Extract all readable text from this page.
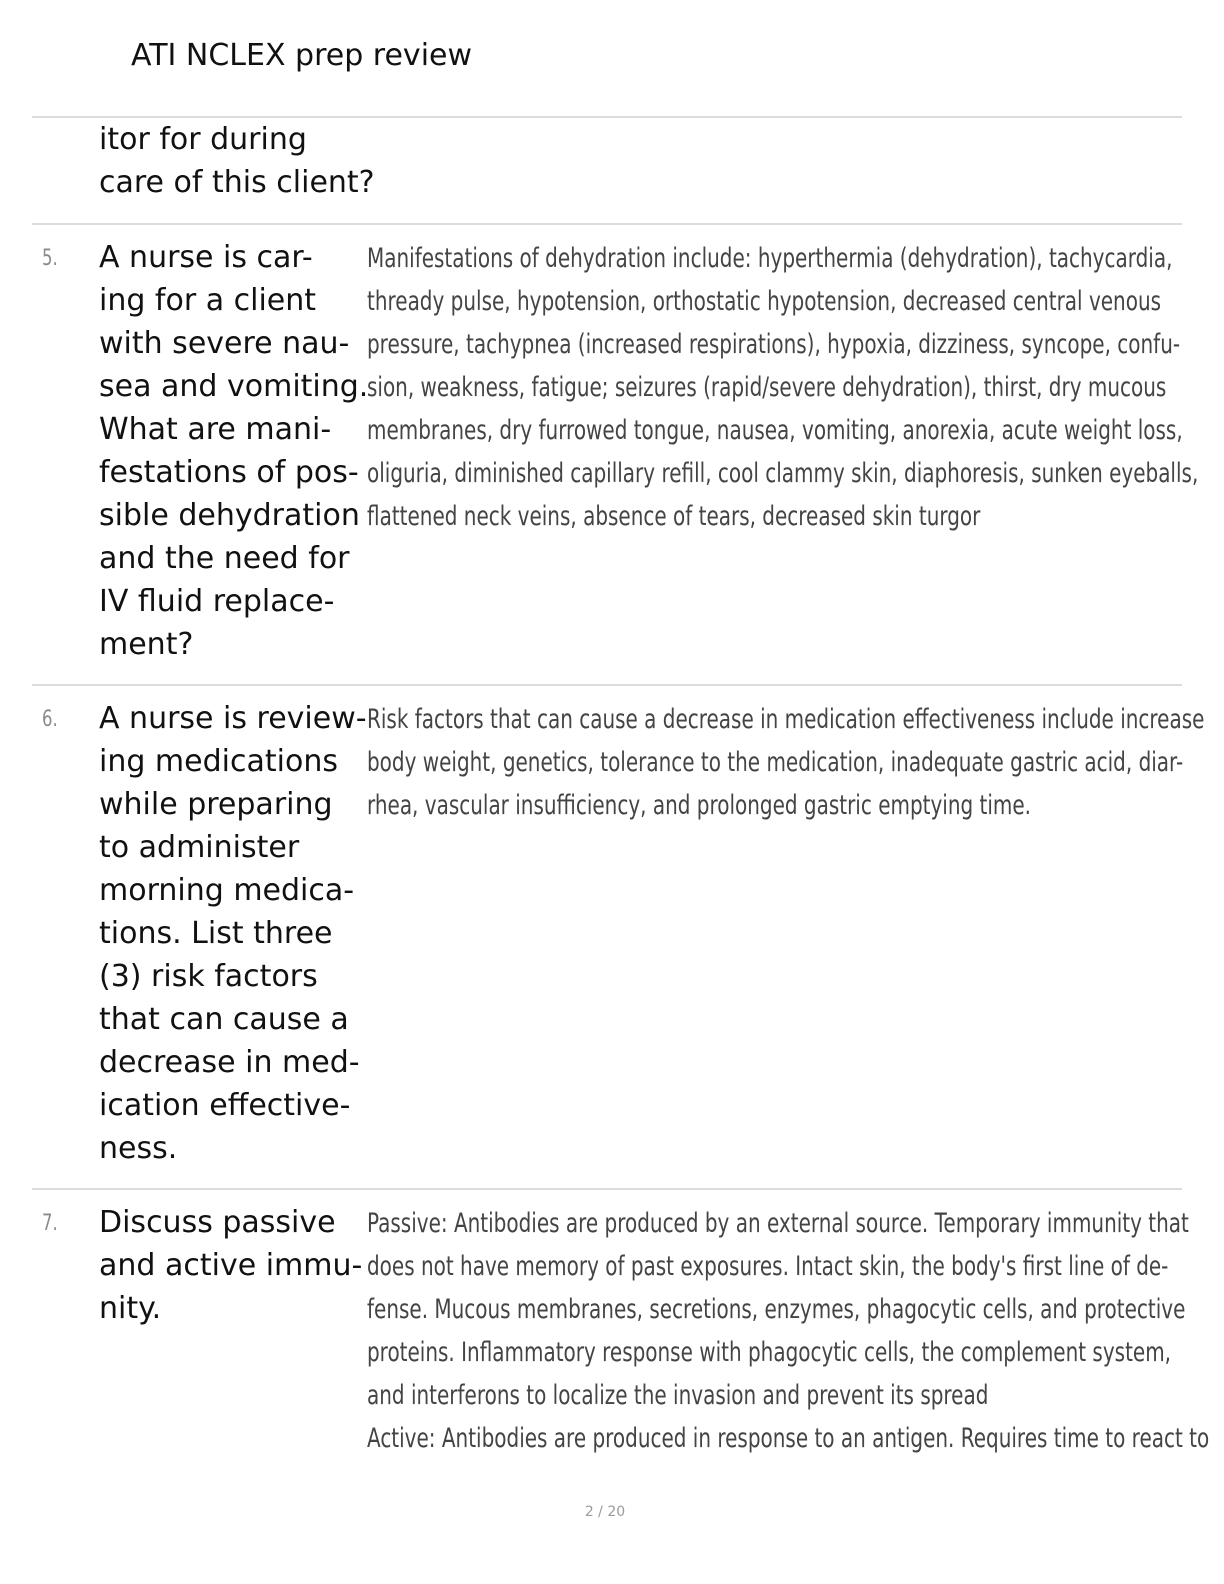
ATI NCLEX prep review
itor for during
care of this client?
5. A nurse is car-
ing for a client
with severe nau-
sea and vomiting.
What are mani-
festations of pos-
sible dehydration
and the need for
IV fluid replace-
ment?
Manifestations of dehydration include: hyperthermia (dehydration), tachycardia,
thready pulse, hypotension, orthostatic hypotension, decreased central venous
pressure, tachypnea (increased respirations), hypoxia, dizziness, syncope, confu-
sion, weakness, fatigue; seizures (rapid/severe dehydration), thirst, dry mucous
membranes, dry furrowed tongue, nausea, vomiting, anorexia, acute weight loss,
oliguria, diminished capillary refill, cool clammy skin, diaphoresis, sunken eyeballs,
flattened neck veins, absence of tears, decreased skin turgor
6. A nurse is review-
ing medications
while preparing
to administer
morning medica-
tions. List three
(3) risk factors
that can cause a
decrease in med-
ication effective-
ness.
Risk factors that can cause a decrease in medication effectiveness include increase
body weight, genetics, tolerance to the medication, inadequate gastric acid, diar-
rhea, vascular insufficiency, and prolonged gastric emptying time.
7. Discuss passive
and active immu-
nity.
Passive: Antibodies are produced by an external source. Temporary immunity that
does not have memory of past exposures. Intact skin, the body's first line of de-
fense. Mucous membranes, secretions, enzymes, phagocytic cells, and protective
proteins. Inflammatory response with phagocytic cells, the complement system,
and interferons to localize the invasion and prevent its spread
Active: Antibodies are produced in response to an antigen. Requires time to react to
2 / 20
